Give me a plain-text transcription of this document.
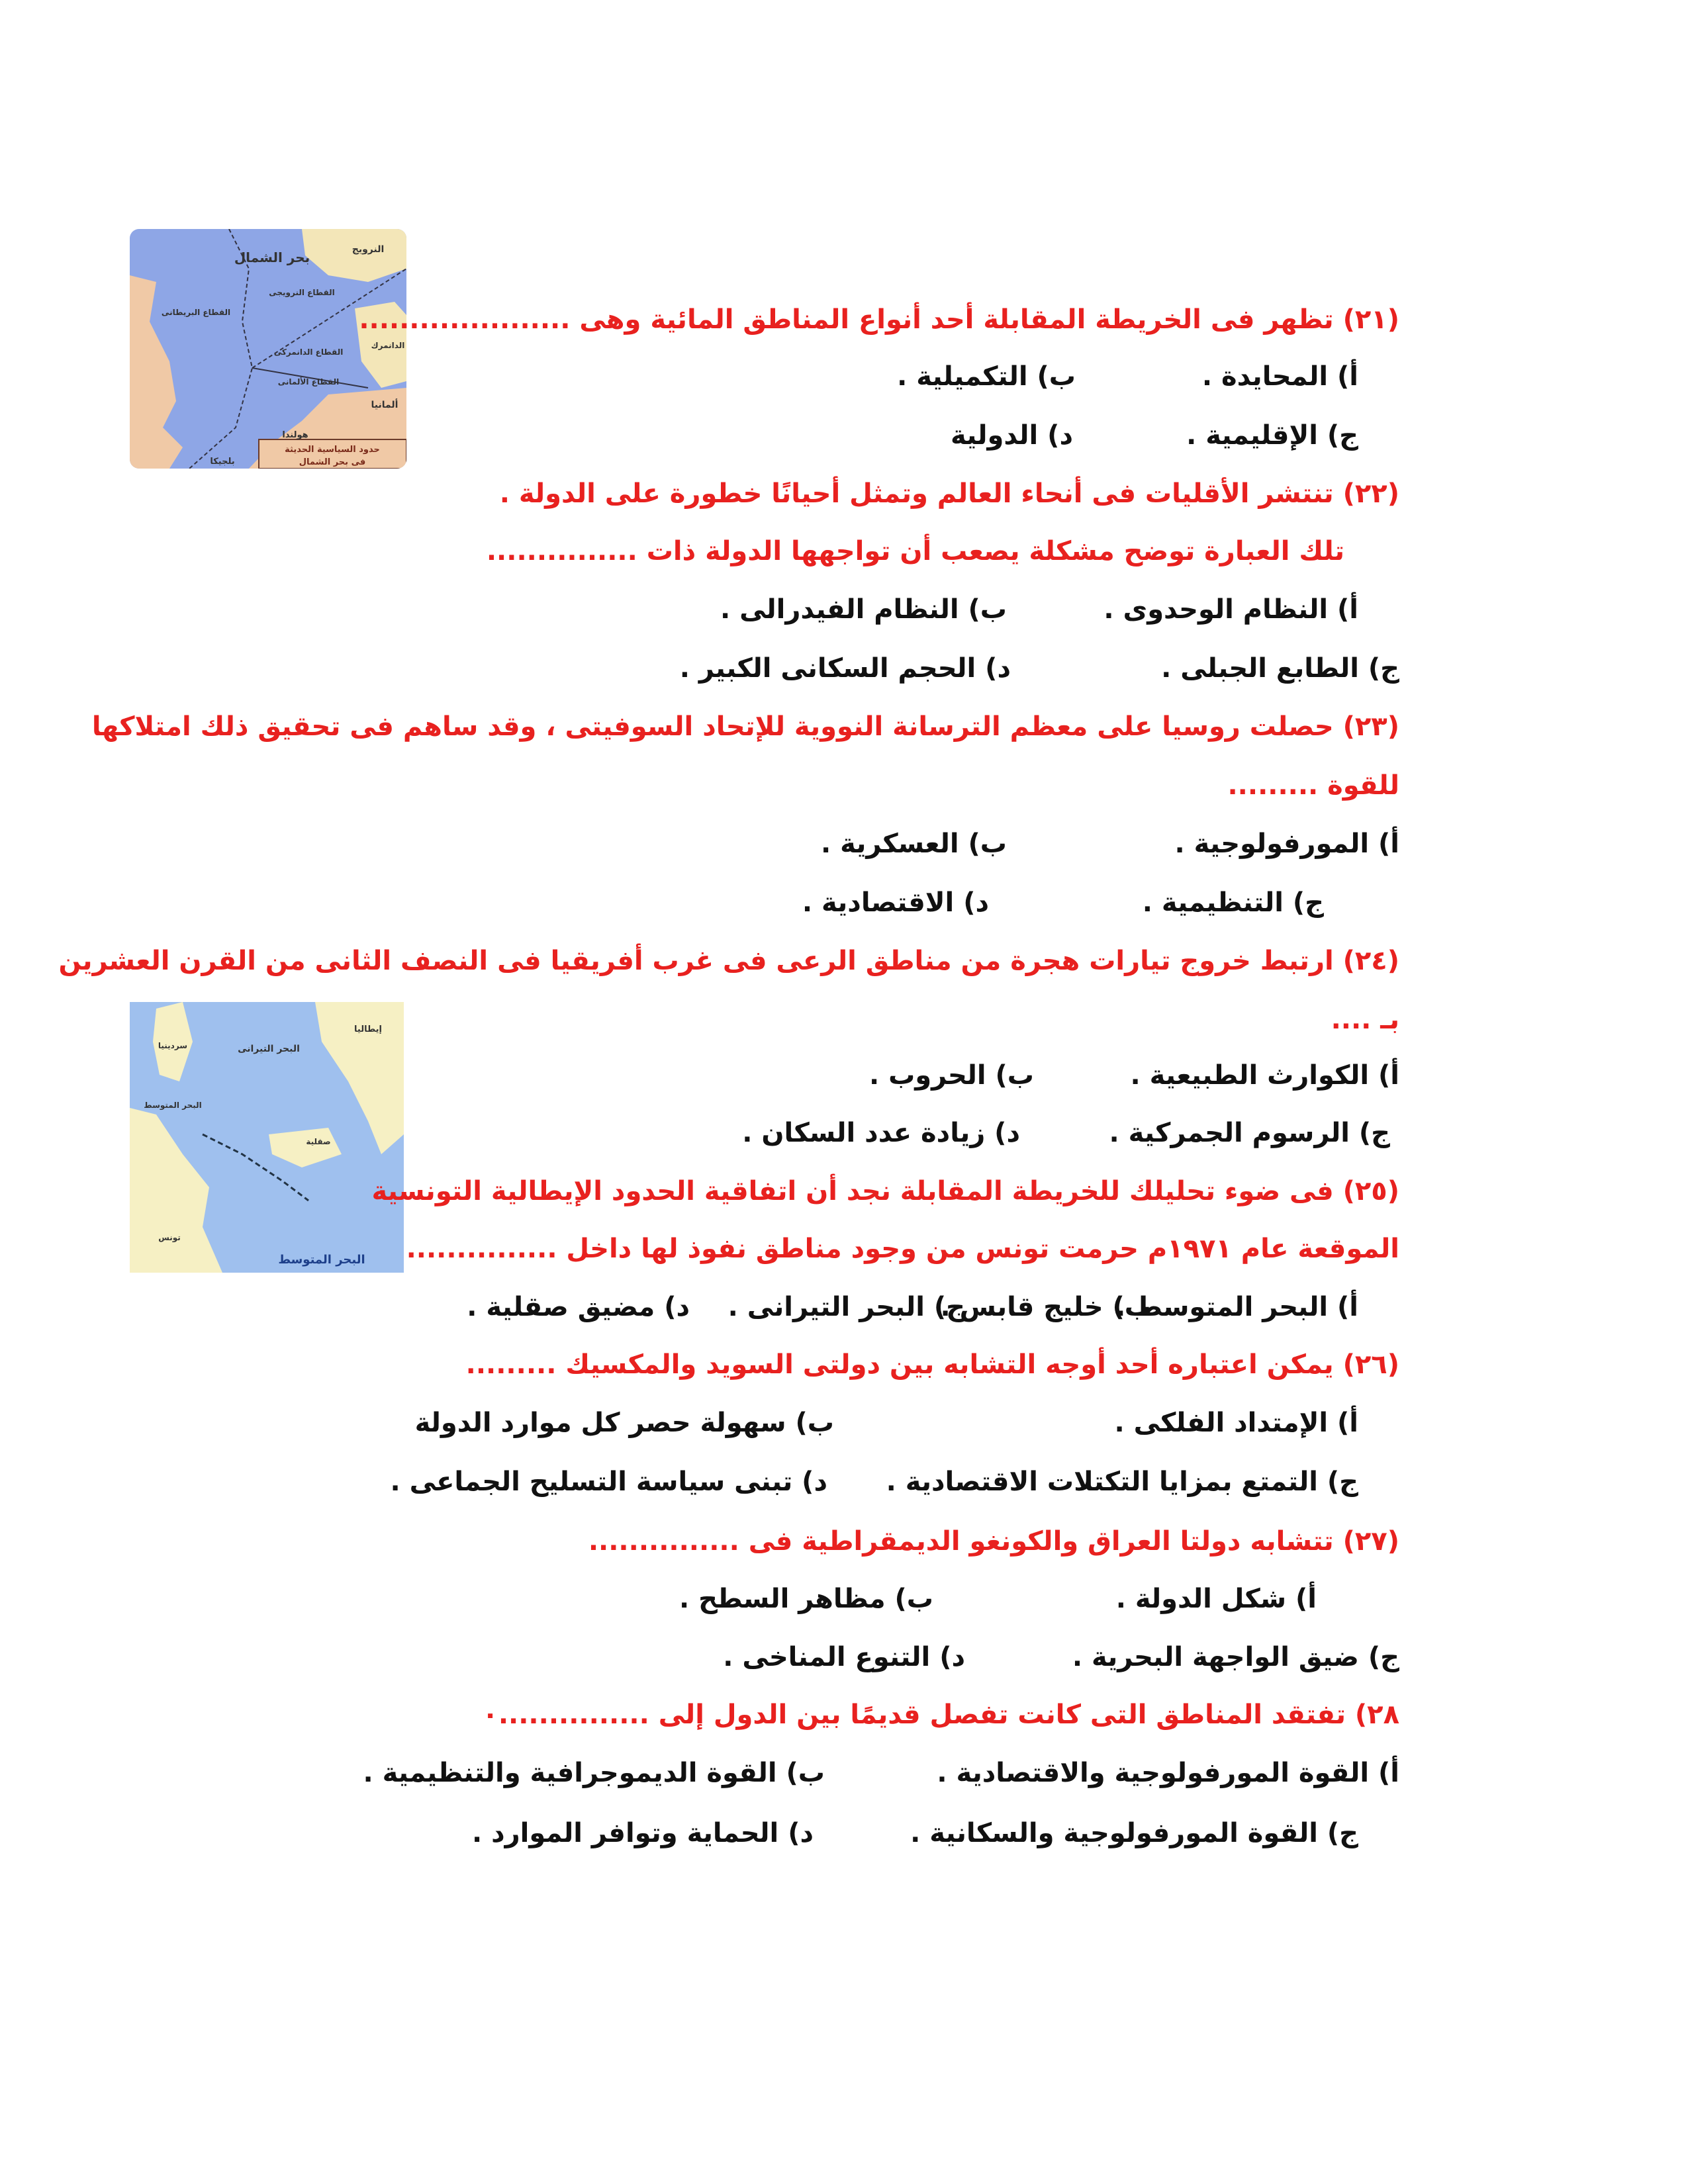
بحر الشمال	النرويج
القطاع النرويجى
القطاع البريطانى
القطاع الدانمركى
القطاع الألمانى
الدانمرك
ألمانيا
هولندا
بلجيكا
حدود السياسية الحديثة
فى بحر الشمال
إيطاليا
البحر التيرانى
سردينيا
البحر المتوسط
صقلية
تونس
البحر المتوسط
(٢١) تظهر فى الخريطة المقابلة أحد أنواع المناطق المائية وهى .....................
أ) المحايدة .
ب) التكميلية .
ج) الإقليمية .
د) الدولية
(٢٢) تنتشر الأقليات فى أنحاء العالم وتمثل أحيانًا خطورة على الدولة .
تلك العبارة توضح مشكلة يصعب أن تواجهها الدولة ذات ...............
أ) النظام الوحدوى .
ب) النظام الفيدرالى .
ج) الطابع الجبلى .
د) الحجم السكانى الكبير .
(٢٣) حصلت روسيا على معظم الترسانة النووية للإتحاد السوفيتى ، وقد ساهم فى تحقيق ذلك امتلاكها
للقوة .........
أ) المورفولوجية .
ب) العسكرية .
ج) التنظيمية .
د) الاقتصادية .
(٢٤) ارتبط خروج تيارات هجرة من مناطق الرعى فى غرب أفريقيا فى النصف الثانى من القرن العشرين
بـ ....
أ) الكوارث الطبيعية .
ب) الحروب .
ج) الرسوم الجمركية .
د) زيادة عدد السكان .
(٢٥) فى ضوء تحليلك للخريطة المقابلة نجد أن اتفاقية الحدود الإيطالية التونسية
الموقعة عام ١٩٧١م حرمت تونس من وجود مناطق نفوذ لها داخل ...............
أ) البحر المتوسط .
ب) خليج قابس .
ج) البحر التيرانى .
د) مضيق صقلية .
(٢٦) يمكن اعتباره أحد أوجه التشابه بين دولتى السويد والمكسيك .........
أ) الإمتداد الفلكى .
ب) سهولة حصر كل موارد الدولة
ج) التمتع بمزايا التكتلات الاقتصادية .
د) تبنى سياسة التسليح الجماعى .
(٢٧) تتشابه دولتا العراق والكونغو الديمقراطية فى ...............
أ) شكل الدولة .
ب) مظاهر السطح .
ج) ضيق الواجهة البحرية .
د) التنوع المناخى .
٢٨) تفتقد المناطق التى كانت تفصل قديمًا بين الدول إلى ...............٠
أ) القوة المورفولوجية والاقتصادية .
ب) القوة الديموجرافية والتنظيمية .
ج) القوة المورفولوجية والسكانية .
د) الحماية وتوافر الموارد .
